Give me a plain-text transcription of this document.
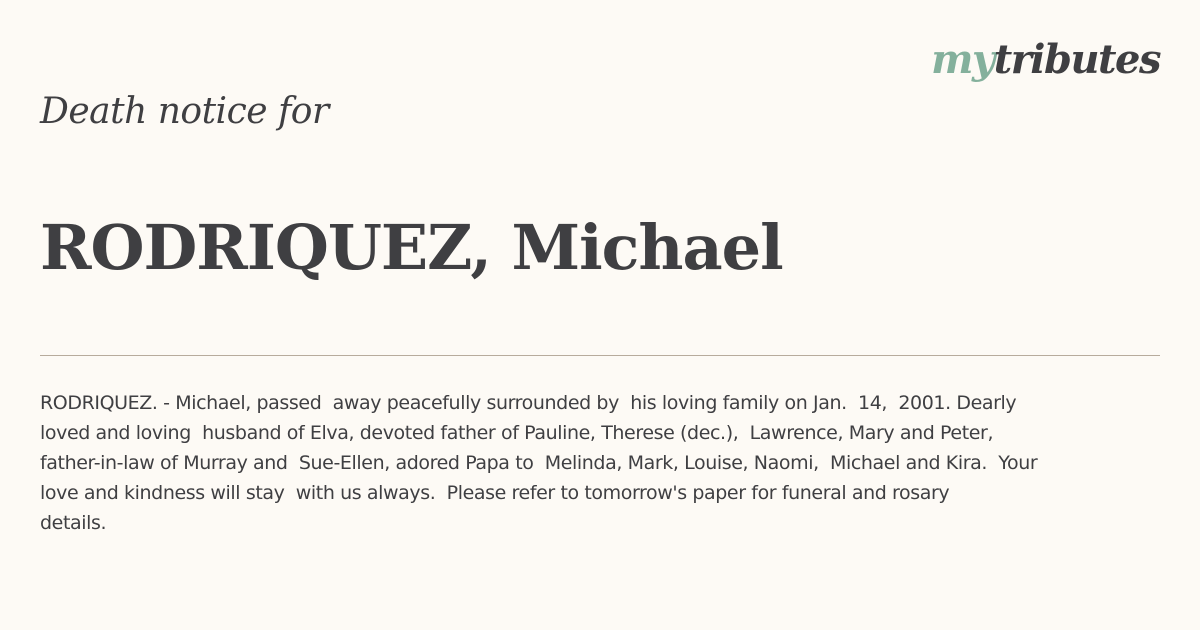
mytributes
Death notice for
RODRIQUEZ, Michael

RODRIQUEZ. - Michael, passed  away peacefully surrounded by  his loving family on Jan.  14,  2001. Dearly
loved and loving  husband of Elva, devoted father of Pauline, Therese (dec.),  Lawrence, Mary and Peter,
father-in-law of Murray and  Sue-Ellen, adored Papa to  Melinda, Mark, Louise, Naomi,  Michael and Kira.  Your
love and kindness will stay  with us always.  Please refer to tomorrow's paper for funeral and rosary
details.
